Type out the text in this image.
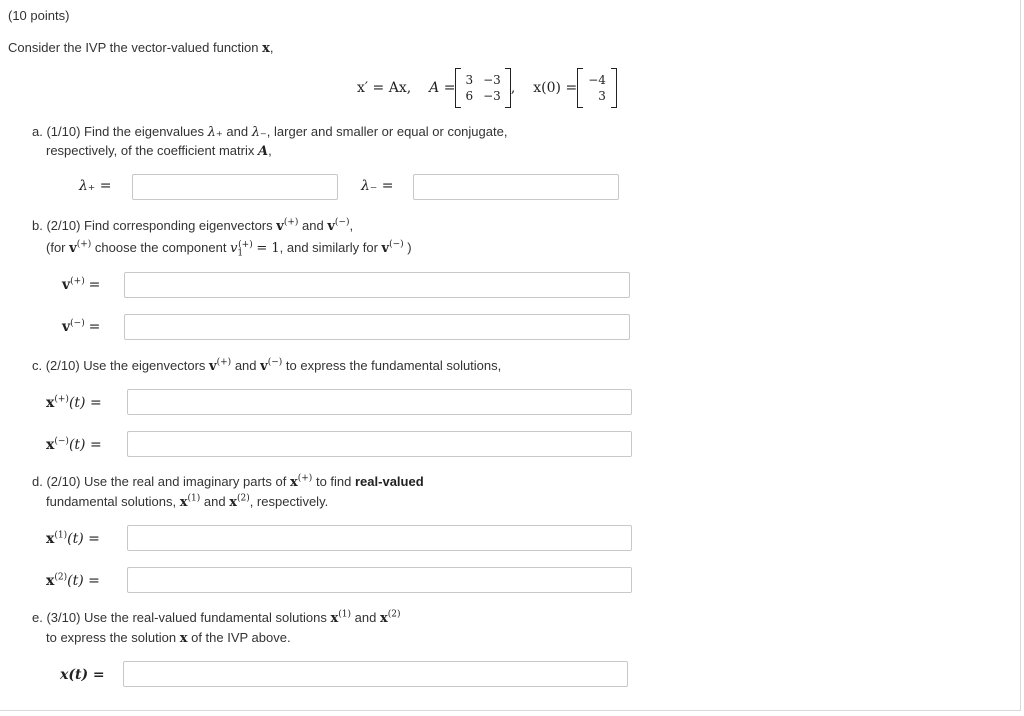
(10 points)
Consider the IVP the vector-valued function x,
x′ = Ax, A = 3 −3
6 −3 , x(0) = −4
3
a. (1/10) Find the eigenvalues λ₊ and λ₋, larger and smaller or equal or conjugate,
respectively, of the coefficient matrix A,
λ₊ =	λ₋ =
b. (2/10) Find corresponding eigenvectors v(+) and v(−),
(for v(+) choose the component $v_1^{(+)} = 1$, and similarly for v(−) )
v(+) =
v(−) =
c. (2/10) Use the eigenvectors v(+) and v(−) to express the fundamental solutions,
x(+)(t) =
x(−)(t) =
d. (2/10) Use the real and imaginary parts of x(+) to find real-valued
fundamental solutions, $x^{(1)}$ and $x^{(2)}$, respectively.
$x^{(1)}(t)$ =
$x^{(2)}(t)$ =
e. (3/10) Use the real-valued fundamental solutions $x^{(1)}$ and $x^{(2)}$
to express the solution x of the IVP above.
x(t) =
